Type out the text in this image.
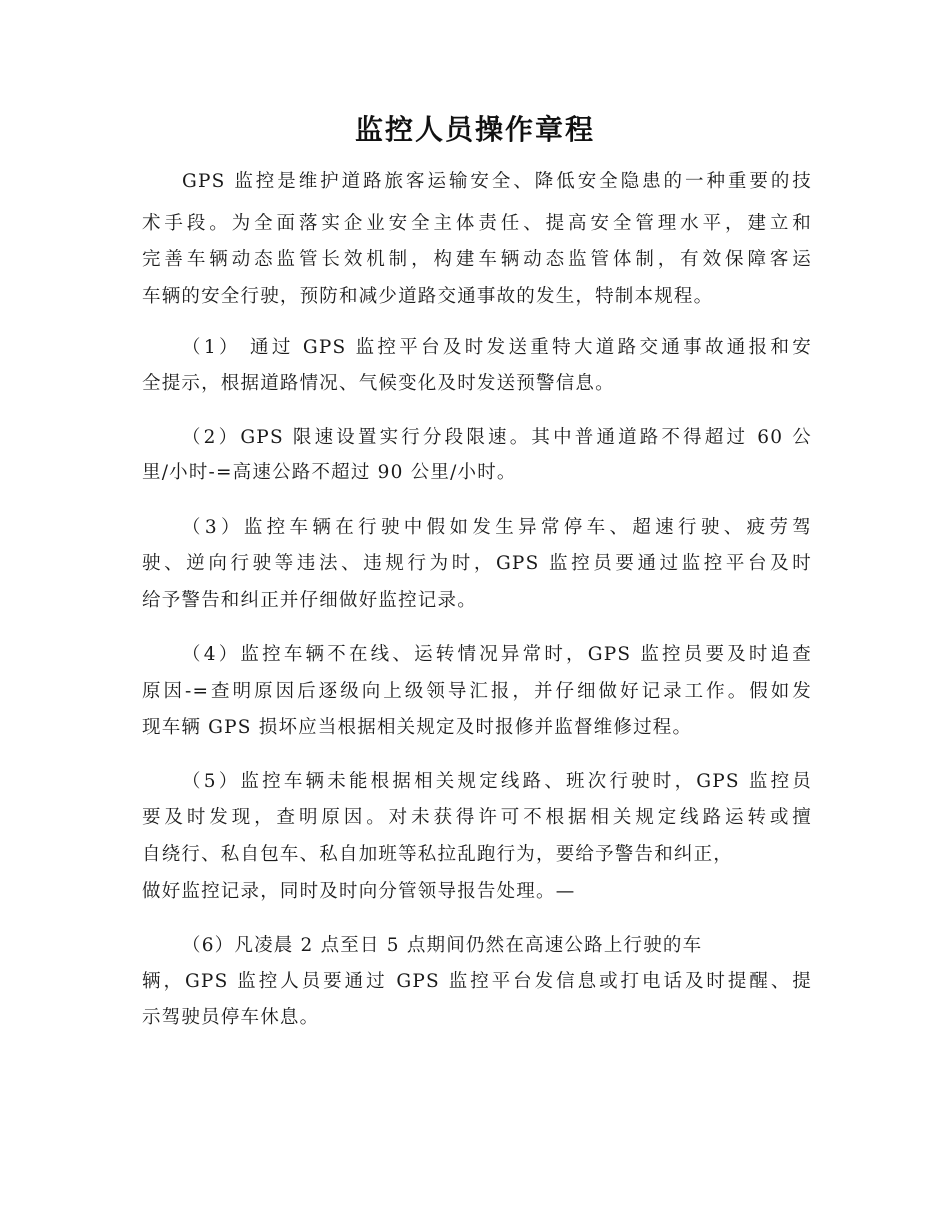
监控人员操作章程
GPS 监控是维护道路旅客运输安全、降低安全隐患的一种重要的技
术手段。为全面落实企业安全主体责任、提高安全管理水平，建立和
完善车辆动态监管长效机制，构建车辆动态监管体制，有效保障客运
车辆的安全行驶，预防和减少道路交通事故的发生，特制本规程。
（1） 通过 GPS 监控平台及时发送重特大道路交通事故通报和安
全提示，根据道路情况、气候变化及时发送预警信息。
（2）GPS 限速设置实行分段限速。其中普通道路不得超过 60 公
里/小时-=高速公路不超过 90 公里/小时。
（3）监控车辆在行驶中假如发生异常停车、超速行驶、疲劳驾
驶、逆向行驶等违法、违规行为时，GPS 监控员要通过监控平台及时
给予警告和纠正并仔细做好监控记录。
（4）监控车辆不在线、运转情况异常时，GPS 监控员要及时追查
原因-=查明原因后逐级向上级领导汇报，并仔细做好记录工作。假如发
现车辆 GPS 损坏应当根据相关规定及时报修并监督维修过程。
（5）监控车辆未能根据相关规定线路、班次行驶时，GPS 监控员
要及时发现，查明原因。对未获得许可不根据相关规定线路运转或擅
自绕行、私自包车、私自加班等私拉乱跑行为，要给予警告和纠正，
做好监控记录，同时及时向分管领导报告处理。—
（6）凡凌晨 2 点至日 5 点期间仍然在高速公路上行驶的车
辆，GPS 监控人员要通过 GPS 监控平台发信息或打电话及时提醒、提
示驾驶员停车休息。
